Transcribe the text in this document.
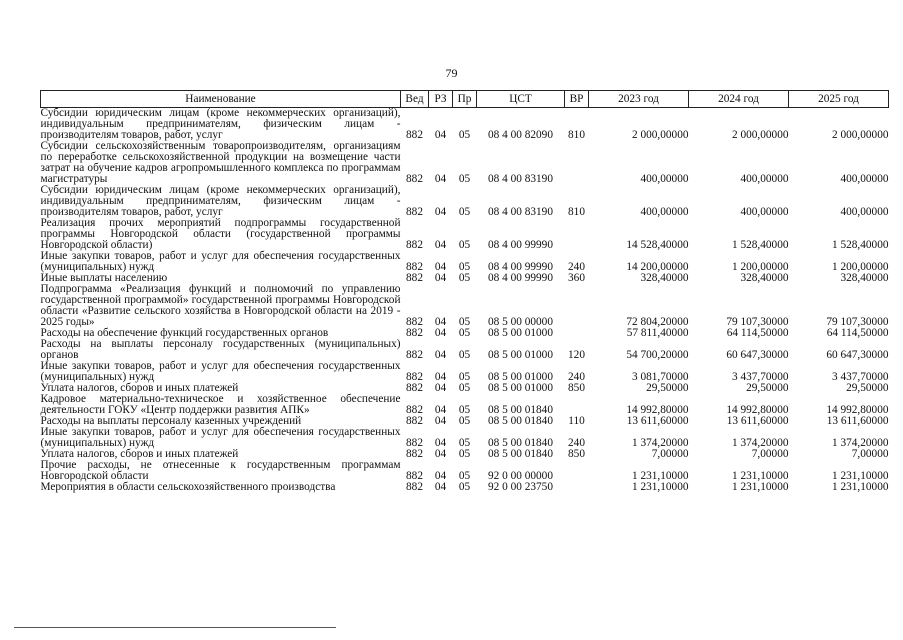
79
Наименование	Вед	РЗ	Пр	ЦСТ	ВР	2023 год	2024 год	2025 год
Субсидии юридическим лицам (кроме некоммерческих организаций), индивидуальным предпринимателям, физическим лицам - производителям товаров, работ, услуг	882	04	05	08 4 00 82090	810	2 000,00000	2 000,00000	2 000,00000
Субсидии сельскохозяйственным товаропроизводителям, организациям по переработке сельскохозяйственной продукции на возмещение части затрат на обучение кадров агропромышленного комплекса по программам магистратуры	882	04	05	08 4 00 83190		400,00000	400,00000	400,00000
Субсидии юридическим лицам (кроме некоммерческих организаций), индивидуальным предпринимателям, физическим лицам - производителям товаров, работ, услуг	882	04	05	08 4 00 83190	810	400,00000	400,00000	400,00000
Реализация прочих мероприятий подпрограммы государственной программы Новгородской области (государственной программы Новгородской области)	882	04	05	08 4 00 99990		14 528,40000	1 528,40000	1 528,40000
Иные закупки товаров, работ и услуг для обеспечения государственных (муниципальных) нужд	882	04	05	08 4 00 99990	240	14 200,00000	1 200,00000	1 200,00000
Иные выплаты населению	882	04	05	08 4 00 99990	360	328,40000	328,40000	328,40000
Подпрограмма «Реализация функций и полномочий по управлению государственной программой» государственной программы Новгородской области «Развитие сельского хозяйства в Новгородской области на 2019 - 2025 годы»	882	04	05	08 5 00 00000		72 804,20000	79 107,30000	79 107,30000
Расходы на обеспечение функций государственных органов	882	04	05	08 5 00 01000		57 811,40000	64 114,50000	64 114,50000
Расходы на выплаты персоналу государственных (муниципальных) органов	882	04	05	08 5 00 01000	120	54 700,20000	60 647,30000	60 647,30000
Иные закупки товаров, работ и услуг для обеспечения государственных (муниципальных) нужд	882	04	05	08 5 00 01000	240	3 081,70000	3 437,70000	3 437,70000
Уплата налогов, сборов и иных платежей	882	04	05	08 5 00 01000	850	29,50000	29,50000	29,50000
Кадровое материально-техническое и хозяйственное обеспечение деятельности ГОКУ «Центр поддержки развития АПК»	882	04	05	08 5 00 01840		14 992,80000	14 992,80000	14 992,80000
Расходы на выплаты персоналу казенных учреждений	882	04	05	08 5 00 01840	110	13 611,60000	13 611,60000	13 611,60000
Иные закупки товаров, работ и услуг для обеспечения государственных (муниципальных) нужд	882	04	05	08 5 00 01840	240	1 374,20000	1 374,20000	1 374,20000
Уплата налогов, сборов и иных платежей	882	04	05	08 5 00 01840	850	7,00000	7,00000	7,00000
Прочие расходы, не отнесенные к государственным программам Новгородской области	882	04	05	92 0 00 00000		1 231,10000	1 231,10000	1 231,10000
Мероприятия в области сельскохозяйственного производства	882	04	05	92 0 00 23750		1 231,10000	1 231,10000	1 231,10000
